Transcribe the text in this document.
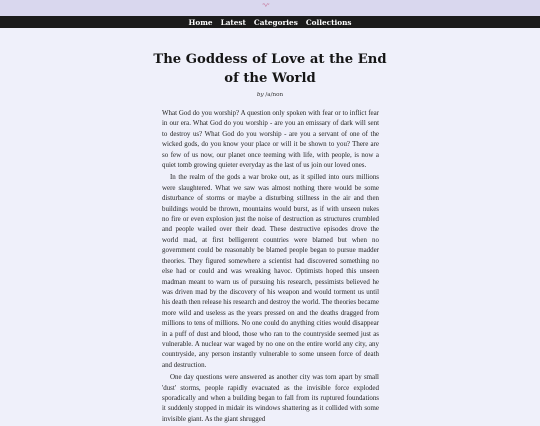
˜ᵛ˜
Home Latest Categories Collections
The Goddess of Love at the End of the World
by /a/non

What God do you worship? A question only spoken with fear or to inflict fear in our era. What God do you worship - are you an emissary of dark will sent to destroy us? What God do you worship - are you a servant of one of the wicked gods, do you know your place or will it be shown to you? There are so few of us now, our planet once teeming with life, with people, is now a quiet tomb growing quieter everyday as the last of us join our loved ones.

In the realm of the gods a war broke out, as it spilled into ours millions were slaughtered. What we saw was almost nothing there would be some disturbance of storms or maybe a disturbing stillness in the air and then buildings would be thrown, mountains would burst, as if with unseen nukes no fire or even explosion just the noise of destruction as structures crumbled and people wailed over their dead. These destructive episodes drove the world mad, at first belligerent countries were blamed but when no government could be reasonably be blamed people began to pursue madder theories. They figured somewhere a scientist had discovered something no else had or could and was wreaking havoc. Optimists hoped this unseen madman meant to warn us of pursuing his research, pessimists believed he was driven mad by the discovery of his weapon and would torment us until his death then release his research and destroy the world. The theories became more wild and useless as the years pressed on and the deaths dragged from millions to tens of millions. No one could do anything cities would disappear in a puff of dust and blood, those who ran to the countryside seemed just as vulnerable. A nuclear war waged by no one on the entire world any city, any countryside, any person instantly vulnerable to some unseen force of death and destruction.

One day questions were answered as another city was torn apart by small 'dust' storms, people rapidly evacuated as the invisible force exploded sporadically and when a building began to fall from its ruptured foundations it suddenly stopped in midair its windows shattering as it collided with some invisible giant. As the giant shrugged
